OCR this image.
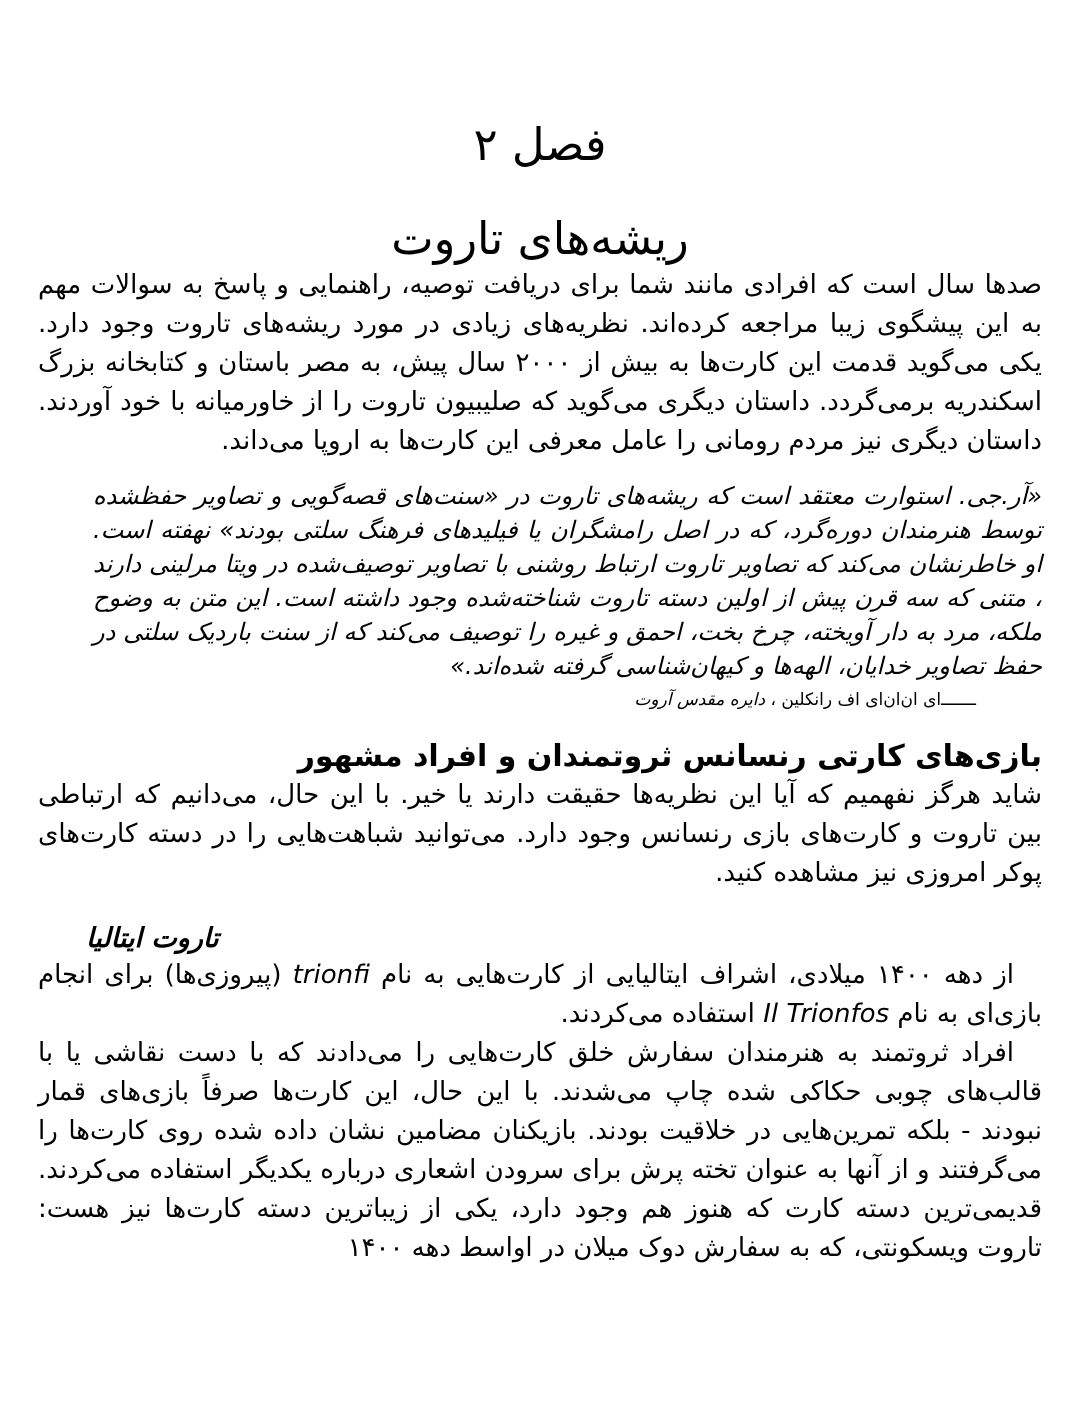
فصل ۲
ریشه‌های تاروت

صدها سال است که افرادی مانند شما برای دریافت توصیه، راهنمایی و پاسخ به سوالات مهم به این پیشگوی زیبا مراجعه کرده‌اند. نظریه‌های زیادی در مورد ریشه‌های تاروت وجود دارد. یکی می‌گوید قدمت این کارت‌ها به بیش از ۲۰۰۰ سال پیش، به مصر باستان و کتابخانه بزرگ اسکندریه برمی‌گردد. داستان دیگری می‌گوید که صلیبیون تاروت را از خاورمیانه با خود آوردند. داستان دیگری نیز مردم رومانی را عامل معرفی این کارت‌ها به اروپا می‌داند.

«آر.جی. استوارت معتقد است که ریشه‌های تاروت در «سنت‌های قصه‌گویی و تصاویر حفظشده توسط هنرمندان دوره‌گرد، که در اصل رامشگران یا فیلیدهای فرهنگ سلتی بودند» نهفته است. او خاطرنشان می‌کند که تصاویر تاروت ارتباط روشنی با تصاویر توصیف‌شده در ویتا مرلینی دارند ، متنی که سه قرن پیش از اولین دسته تاروت شناخته‌شده وجود داشته است. این متن به وضوح ملکه، مرد به دار آویخته، چرخ بخت، احمق و غیره را توصیف می‌کند که از سنت باردیک سلتی در حفظ تصاویر خدایان، الهه‌ها و کیهان‌شناسی گرفته شده‌اند.»

ـــــــای ان‌ان‌ای اف رانکلین ، دایره مقدس آروت
بازی‌های کارتی رنسانس ثروتمندان و افراد مشهور

شاید هرگز نفهمیم که آیا این نظریه‌ها حقیقت دارند یا خیر. با این حال، می‌دانیم که ارتباطی بین تاروت و کارت‌های بازی رنسانس وجود دارد. می‌توانید شباهت‌هایی را در دسته کارت‌های پوکر امروزی نیز مشاهده کنید.

تاروت ایتالیا

از دهه ۱۴۰۰ میلادی، اشراف ایتالیایی از کارت‌هایی به نام trionfi (پیروزی‌ها) برای انجام بازی‌ای به نام Il Trionfos استفاده می‌کردند.

افراد ثروتمند به هنرمندان سفارش خلق کارت‌هایی را می‌دادند که با دست نقاشی یا با قالب‌های چوبی حکاکی شده چاپ می‌شدند. با این حال، این کارت‌ها صرفاً بازی‌های قمار نبودند - بلکه تمرین‌هایی در خلاقیت بودند. بازیکنان مضامین نشان داده شده روی کارت‌ها را می‌گرفتند و از آنها به عنوان تخته پرش برای سرودن اشعاری درباره یکدیگر استفاده می‌کردند. قدیمی‌ترین دسته کارت که هنوز هم وجود دارد، یکی از زیباترین دسته کارت‌ها نیز هست: تاروت ویسکونتی، که به سفارش دوک میلان در اواسط دهه ۱۴۰۰
